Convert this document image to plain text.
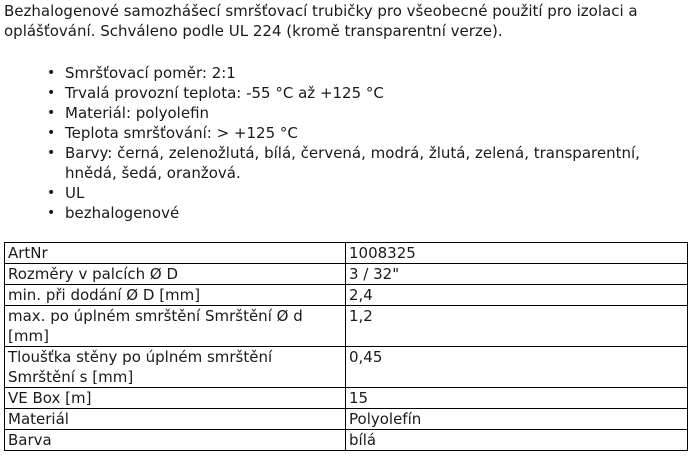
Bezhalogenové samozhášecí smršťovací trubičky pro všeobecné použití pro izolaci a oplášťování. Schváleno podle UL 224 (kromě transparentní verze).

• Smršťovací poměr: 2:1
• Trvalá provozní teplota: -55 °C až +125 °C
• Materiál: polyolefin
• Teplota smršťování: > +125 °C
• Barvy: černá, zelenožlutá, bílá, červená, modrá, žlutá, zelená, transparentní, hnědá, šedá, oranžová.
• UL
• bezhalogenové
ArtNr	1008325
Rozměry v palcích Ø D	3 / 32"
min. při dodání Ø D [mm]	2,4
max. po úplném smrštění Smrštění Ø d [mm]	1,2
Tloušťka stěny po úplném smrštění Smrštění s [mm]	0,45
VE Box [m]	15
Materiál	Polyolefín
Barva	bílá
